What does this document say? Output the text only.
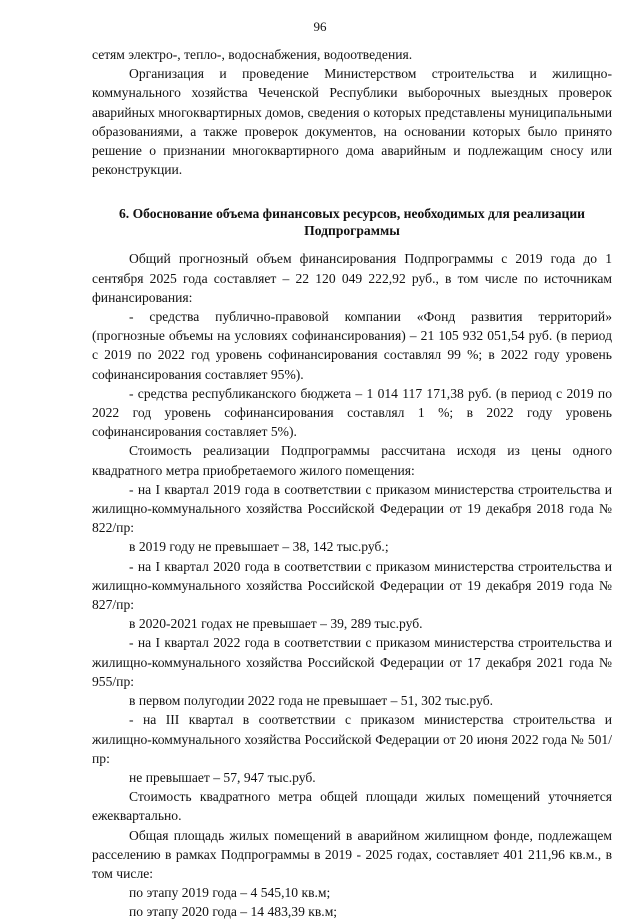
96

сетям электро-, тепло-, водоснабжения, водоотведения.

Организация и проведение Министерством строительства и жилищно-коммунального хозяйства Чеченской Республики выборочных выездных проверок аварийных многоквартирных домов, сведения о которых представлены муниципальными образованиями, а также проверок документов, на основании которых было принято решение о признании многоквартирного дома аварийным и подлежащим сносу или реконструкции.

6. Обоснование объема финансовых ресурсов, необходимых для реализации Подпрограммы

Общий прогнозный объем финансирования Подпрограммы с 2019 года до 1 сентября 2025 года составляет – 22 120 049 222,92 руб., в том числе по источникам финансирования:

- средства публично-правовой компании «Фонд развития территорий» (прогнозные объемы на условиях софинансирования) – 21 105 932 051,54 руб. (в период с 2019 по 2022 год уровень софинансирования составлял 99 %; в 2022 году уровень софинансирования составляет 95%).

- средства республиканского бюджета – 1 014 117 171,38 руб. (в период с 2019 по 2022 год уровень софинансирования составлял 1 %; в 2022 году уровень софинансирования составляет 5%).

Стоимость реализации Подпрограммы рассчитана исходя из цены одного квадратного метра приобретаемого жилого помещения:

- на I квартал 2019 года в соответствии с приказом министерства строительства и жилищно-коммунального хозяйства Российской Федерации от 19 декабря 2018 года № 822/пр:

в 2019 году не превышает – 38, 142 тыс.руб.;

- на I квартал 2020 года в соответствии с приказом министерства строительства и жилищно-коммунального хозяйства Российской Федерации от 19 декабря 2019 года № 827/пр:

в 2020-2021 годах не превышает – 39, 289 тыс.руб.

- на I квартал 2022 года в соответствии с приказом министерства строительства и жилищно-коммунального хозяйства Российской Федерации от 17 декабря 2021 года № 955/пр:

в первом полугодии 2022 года не превышает – 51, 302 тыс.руб.

- на III квартал в соответствии с приказом министерства строительства и жилищно-коммунального хозяйства Российской Федерации от 20 июня 2022 года № 501/пр:

не превышает – 57, 947 тыс.руб.

Стоимость квадратного метра общей площади жилых помещений уточняется ежеквартально.

Общая площадь жилых помещений в аварийном жилищном фонде, подлежащем расселению в рамках Подпрограммы в 2019 - 2025 годах, составляет 401 211,96 кв.м., в том числе:

по этапу 2019 года – 4 545,10 кв.м;

по этапу 2020 года – 14 483,39 кв.м;
